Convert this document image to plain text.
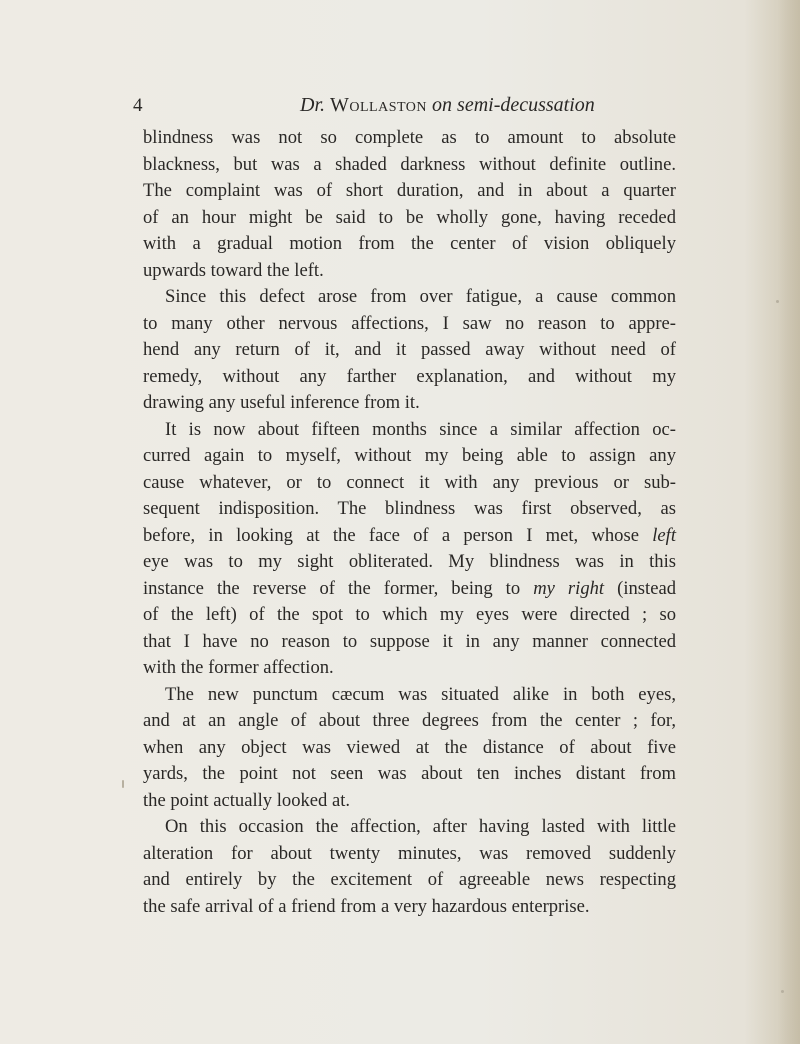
4	Dr. Wollaston on semi-decussation
blindness was not so complete as to amount to absolute
blackness, but was a shaded darkness without definite outline.
The complaint was of short duration, and in about a quarter
of an hour might be said to be wholly gone, having receded
with a gradual motion from the center of vision obliquely
upwards toward the left.
Since this defect arose from over fatigue, a cause common
to many other nervous affections, I saw no reason to appre-
hend any return of it, and it passed away without need of
remedy, without any farther explanation, and without my
drawing any useful inference from it.
It is now about fifteen months since a similar affection oc-
curred again to myself, without my being able to assign any
cause whatever, or to connect it with any previous or sub-
sequent indisposition. The blindness was first observed, as
before, in looking at the face of a person I met, whose left
eye was to my sight obliterated. My blindness was in this
instance the reverse of the former, being to my right (instead
of the left) of the spot to which my eyes were directed ; so
that I have no reason to suppose it in any manner connected
with the former affection.
The new punctum cæcum was situated alike in both eyes,
and at an angle of about three degrees from the center ; for,
when any object was viewed at the distance of about five
yards, the point not seen was about ten inches distant from
the point actually looked at.
On this occasion the affection, after having lasted with little
alteration for about twenty minutes, was removed suddenly
and entirely by the excitement of agreeable news respecting
the safe arrival of a friend from a very hazardous enterprise.
